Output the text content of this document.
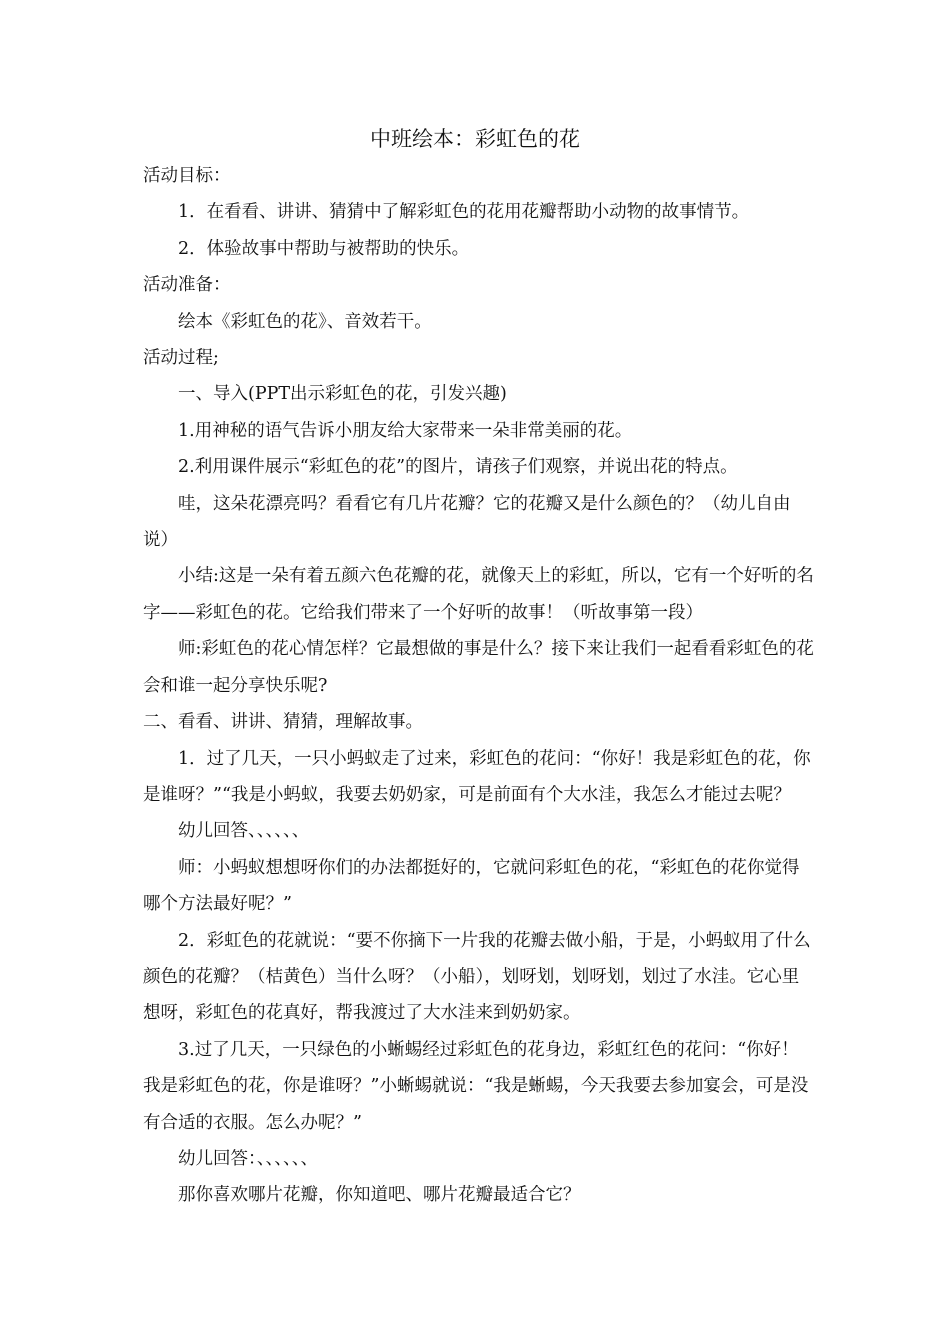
中班绘本：彩虹色的花

活动目标：

1．在看看、讲讲、猜猜中了解彩虹色的花用花瓣帮助小动物的故事情节。

2．体验故事中帮助与被帮助的快乐。

活动准备：

绘本《彩虹色的花》、音效若干。

活动过程;

一、导入(PPT出示彩虹色的花，引发兴趣)

1.用神秘的语气告诉小朋友给大家带来一朵非常美丽的花。

2.利用课件展示“彩虹色的花”的图片，请孩子们观察，并说出花的特点。

哇，这朵花漂亮吗？看看它有几片花瓣？它的花瓣又是什么颜色的？（幼儿自由说）

小结:这是一朵有着五颜六色花瓣的花，就像天上的彩虹，所以，它有一个好听的名字——彩虹色的花。它给我们带来了一个好听的故事！（听故事第一段）

师:彩虹色的花心情怎样？它最想做的事是什么？接下来让我们一起看看彩虹色的花会和谁一起分享快乐呢?

二、看看、讲讲、猜猜，理解故事。

1．过了几天，一只小蚂蚁走了过来，彩虹色的花问：“你好！我是彩虹色的花，你是谁呀？”“我是小蚂蚁，我要去奶奶家，可是前面有个大水洼，我怎么才能过去呢？

幼儿回答、、、、、、

师：小蚂蚁想想呀你们的办法都挺好的，它就问彩虹色的花，“彩虹色的花你觉得哪个方法最好呢？”

2．彩虹色的花就说：“要不你摘下一片我的花瓣去做小船，于是，小蚂蚁用了什么颜色的花瓣？（桔黄色）当什么呀？（小船），划呀划，划呀划，划过了水洼。它心里想呀，彩虹色的花真好，帮我渡过了大水洼来到奶奶家。

3.过了几天，一只绿色的小蜥蜴经过彩虹色的花身边，彩虹红色的花问：“你好！我是彩虹色的花，你是谁呀？”小蜥蜴就说：“我是蜥蜴，今天我要去参加宴会，可是没有合适的衣服。怎么办呢？”

幼儿回答：、、、、、、

那你喜欢哪片花瓣，你知道吧、哪片花瓣最适合它？
